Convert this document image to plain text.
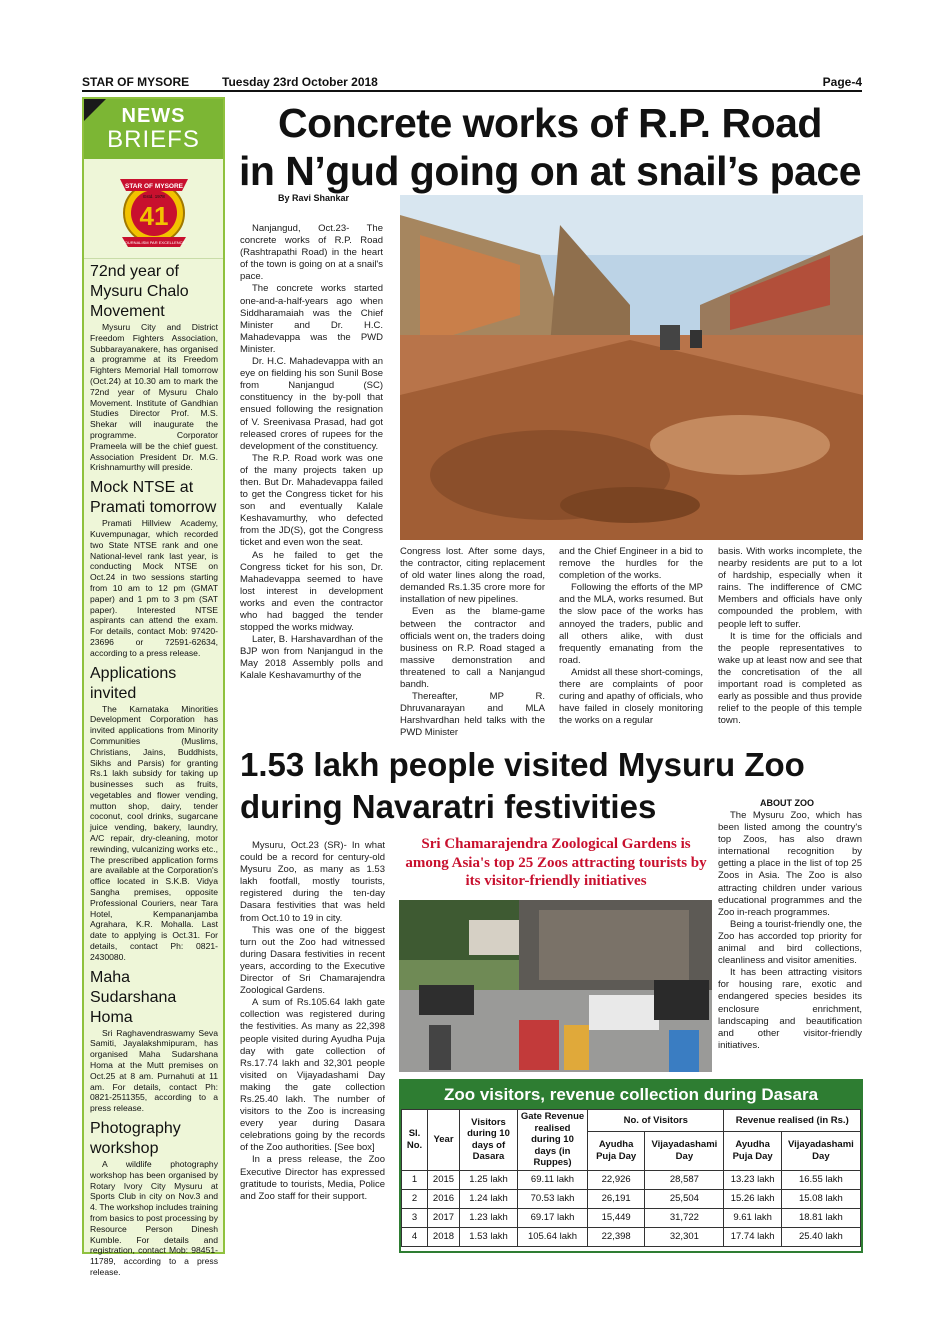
STAR OF MYSORE	Tuesday 23rd October 2018	Page-4
NEWS
BRIEFS
STAR OF MYSORE
Estd. 1978
41
JOURNALISM PAR EXCELLENCE
72nd year of Mysuru Chalo Movement

Mysuru City and District Freedom Fighters Association, Subbarayanakere, has organised a programme at its Freedom Fighters Memorial Hall tomorrow (Oct.24) at 10.30 am to mark the 72nd year of Mysuru Chalo Movement. Institute of Gandhian Studies Director Prof. M.S. Shekar will inaugurate the programme. Corporator Prameela will be the chief guest. Association President Dr. M.G. Krishnamurthy will preside.

Mock NTSE at Pramati tomorrow

Pramati Hillview Academy, Kuvempunagar, which recorded two State NTSE rank and one National-level rank last year, is conducting Mock NTSE on Oct.24 in two sessions starting from 10 am to 12 pm (GMAT paper) and 1 pm to 3 pm (SAT paper). Interested NTSE aspirants can attend the exam. For details, contact Mob: 97420-23696 or 72591-62634, according to a press release.

Applications invited

The Karnataka Minorities Development Corporation has invited applications from Minority Communities (Muslims, Christians, Jains, Buddhists, Sikhs and Parsis) for granting Rs.1 lakh subsidy for taking up businesses such as fruits, vegetables and flower vending, mutton shop, dairy, tender coconut, cool drinks, sugarcane juice vending, bakery, laundry, A/C repair, dry-cleaning, motor rewinding, vulcanizing works etc., The prescribed application forms are available at the Corporation's office located in S.K.B. Vidya Sangha premises, opposite Professional Couriers, near Tara Hotel, Kempananjamba Agrahara, K.R. Mohalla. Last date to applying is Oct.31. For details, contact Ph: 0821-2430080.

Maha Sudarshana Homa

Sri Raghavendraswamy Seva Samiti, Jayalakshmipuram, has organised Maha Sudarshana Homa at the Mutt premises on Oct.25 at 8 am. Purnahuti at 11 am. For details, contact Ph: 0821-2511355, according to a press release.

Photography workshop

A wildlife photography workshop has been organised by Rotary Ivory City Mysuru at Sports Club in city on Nov.3 and 4. The workshop includes training from basics to post processing by Resource Person Dinesh Kumble. For details and registration, contact Mob: 98451-11789, according to a press release.

Concrete works of R.P. Road
in N’gud going on at snail’s pace
By Ravi Shankar

Nanjangud, Oct.23- The concrete works of R.P. Road (Rashtrapathi Road) in the heart of the town is going on at a snail's pace.

The concrete works started one-and-a-half-years ago when Siddharamaiah was the Chief Minister and Dr. H.C. Mahadevappa was the PWD Minister.

Dr. H.C. Mahadevappa with an eye on fielding his son Sunil Bose from Nanjangud (SC) constituency in the by-poll that ensued following the resignation of V. Sreenivasa Prasad, had got released crores of rupees for the development of the constituency.

The R.P. Road work was one of the many projects taken up then. But Dr. Mahadevappa failed to get the Congress ticket for his son and eventually Kalale Keshavamurthy, who defected from the JD(S), got the Congress ticket and even won the seat.

As he failed to get the Congress ticket for his son, Dr. Mahadevappa seemed to have lost interest in development works and even the contractor who had bagged the tender stopped the works midway.

Later, B. Harshavardhan of the BJP won from Nanjangud in the May 2018 Assembly polls and Kalale Keshavamurthy of the

Congress lost. After some days, the contractor, citing replacement of old water lines along the road, demanded Rs.1.35 crore more for installation of new pipelines.

Even as the blame-game between the contractor and officials went on, the traders doing business on R.P. Road staged a massive demonstration and threatened to call a Nanjangud bandh.

Thereafter, MP R. Dhruvanarayan and MLA Harshvardhan held talks with the PWD Minister

and the Chief Engineer in a bid to remove the hurdles for the completion of the works.

Following the efforts of the MP and the MLA, works resumed. But the slow pace of the works has annoyed the traders, public and all others alike, with dust frequently emanating from the road.

Amidst all these short-comings, there are complaints of poor curing and apathy of officials, who have failed in closely monitoring the works on a regular

basis. With works incomplete, the nearby residents are put to a lot of hardship, especially when it rains. The indifference of CMC Members and officials have only compounded the problem, with people left to suffer.

It is time for the officials and the people representatives to wake up at least now and see that the concretisation of the all important road is completed as early as possible and thus provide relief to the people of this temple town.

1.53 lakh people visited Mysuru Zoo
during Navaratri festivities

Mysuru, Oct.23 (SR)- In what could be a record for century-old Mysuru Zoo, as many as 1.53 lakh footfall, mostly tourists, registered during the ten-day Dasara festivities that was held from Oct.10 to 19 in city.

This was one of the biggest turn out the Zoo had witnessed during Dasara festivities in recent years, according to the Executive Director of Sri Chamarajendra Zoological Gardens.

A sum of Rs.105.64 lakh gate collection was registered during the festivities. As many as 22,398 people visited during Ayudha Puja day with gate collection of Rs.17.74 lakh and 32,301 people visited on Vijayadashami Day making the gate collection Rs.25.40 lakh. The number of visitors to the Zoo is increasing every year during Dasara celebrations going by the records of the Zoo authorities. [See box]

In a press release, the Zoo Executive Director has expressed gratitude to tourists, Media, Police and Zoo staff for their support.

Sri Chamarajendra Zoological Gardens is among Asia's top 25 Zoos attracting tourists by its visitor-friendly initiatives
ABOUT ZOO

The Mysuru Zoo, which has been listed among the country's top Zoos, has also drawn international recognition by getting a place in the list of top 25 Zoos in Asia. The Zoo is also attracting children under various educational programmes and the Zoo in-reach programmes.

Being a tourist-friendly one, the Zoo has accorded top priority for animal and bird collections, cleanliness and visitor amenities.

It has been attracting visitors for housing rare, exotic and endangered species besides its enclosure enrichment, landscaping and beautification and other visitor-friendly initiatives.

Zoo visitors, revenue collection during Dasara
Sl. No.	Year	Visitors during 10 days of Dasara	Gate Revenue realised during 10 days (in Ruppes)	No. of Visitors		Revenue realised (in Rs.)	
				Ayudha Puja Day	Vijayadashami Day	Ayudha Puja Day	Vijayadashami Day
1	2015	1.25 lakh	69.11 lakh	22,926	28,587	13.23 lakh	16.55 lakh
2	2016	1.24 lakh	70.53 lakh	26,191	25,504	15.26 lakh	15.08 lakh
3	2017	1.23 lakh	69.17 lakh	15,449	31,722	9.61 lakh	18.81 lakh
4	2018	1.53 lakh	105.64 lakh	22,398	32,301	17.74 lakh	25.40 lakh
